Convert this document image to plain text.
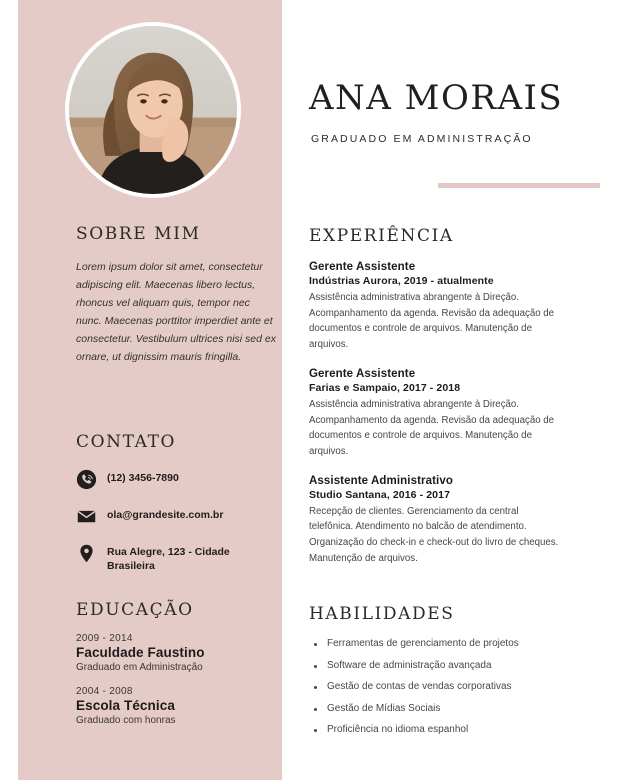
SOBRE MIM
Lorem ipsum dolor sit amet, consectetur adipiscing elit. Maecenas libero lectus, rhoncus vel aliquam quis, tempor nec nunc. Maecenas porttitor imperdiet ante et consectetur. Vestibulum ultrices nisi sed ex ornare, ut dignissim mauris fringilla.
CONTATO
(12) 3456-7890
ola@grandesite.com.br
Rua Alegre, 123 - Cidade Brasileira
EDUCAÇÃO
2009 - 2014
Faculdade Faustino
Graduado em Administração
2004 - 2008
Escola Técnica
Graduado com honras
ANA MORAIS
GRADUADO EM ADMINISTRAÇÃO
EXPERIÊNCIA
Gerente Assistente
Indústrias Aurora, 2019 - atualmente
Assistência administrativa abrangente à Direção. Acompanhamento da agenda. Revisão da adequação de documentos e controle de arquivos. Manutenção de arquivos.
Gerente Assistente
Farias e Sampaio, 2017 - 2018
Assistência administrativa abrangente à Direção. Acompanhamento da agenda. Revisão da adequação de documentos e controle de arquivos. Manutenção de arquivos.
Assistente Administrativo
Studio Santana, 2016 - 2017
Recepção de clientes. Gerenciamento da central telefônica. Atendimento no balcão de atendimento. Organização do check-in e check-out do livro de cheques. Manutenção de arquivos.
HABILIDADES
Ferramentas de gerenciamento de projetos
Software de administração avançada
Gestão de contas de vendas corporativas
Gestão de Mídias Sociais
Proficiência no idioma espanhol
